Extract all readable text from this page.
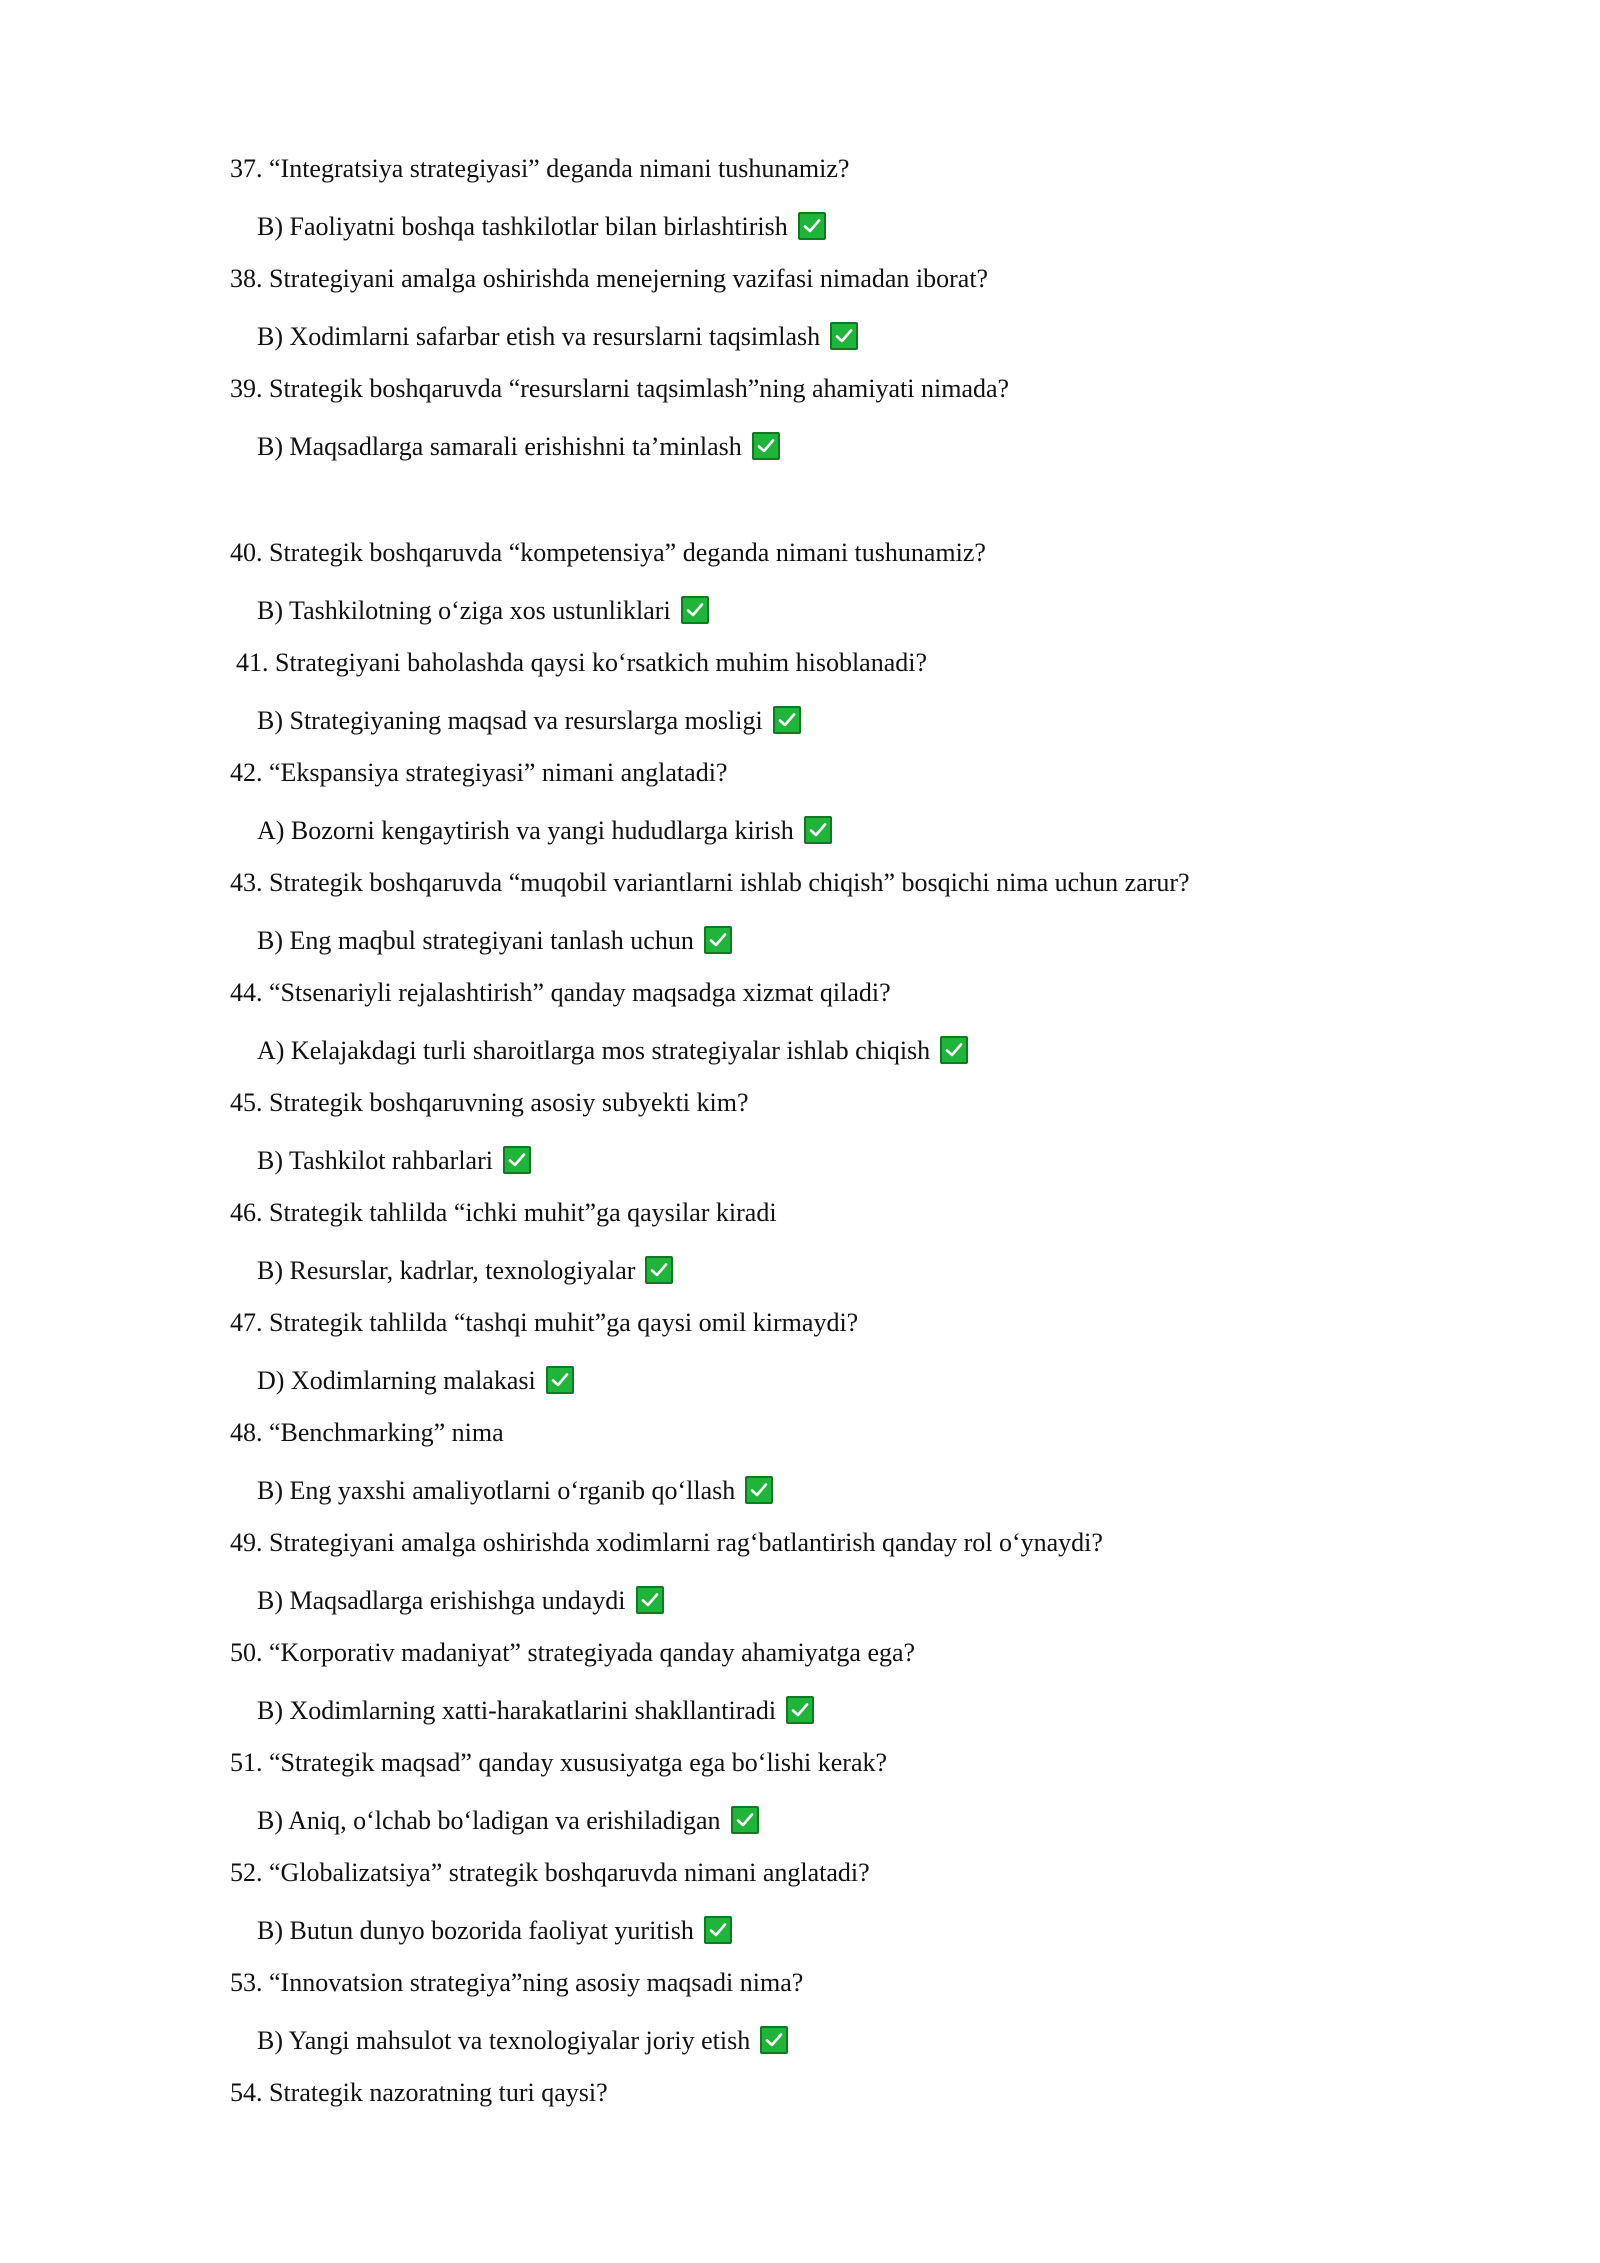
37. “Integratsiya strategiyasi” deganda nimani tushunamiz?
B) Faoliyatni boshqa tashkilotlar bilan birlashtirish
38. Strategiyani amalga oshirishda menejerning vazifasi nimadan iborat?
B) Xodimlarni safarbar etish va resurslarni taqsimlash
39. Strategik boshqaruvda “resurslarni taqsimlash”ning ahamiyati nimada?
B) Maqsadlarga samarali erishishni ta’minlash
40. Strategik boshqaruvda “kompetensiya” deganda nimani tushunamiz?
B) Tashkilotning o‘ziga xos ustunliklari
41. Strategiyani baholashda qaysi ko‘rsatkich muhim hisoblanadi?
B) Strategiyaning maqsad va resurslarga mosligi
42. “Ekspansiya strategiyasi” nimani anglatadi?
A) Bozorni kengaytirish va yangi hududlarga kirish
43. Strategik boshqaruvda “muqobil variantlarni ishlab chiqish” bosqichi nima uchun zarur?
B) Eng maqbul strategiyani tanlash uchun
44. “Stsenariyli rejalashtirish” qanday maqsadga xizmat qiladi?
A) Kelajakdagi turli sharoitlarga mos strategiyalar ishlab chiqish
45. Strategik boshqaruvning asosiy subyekti kim?
B) Tashkilot rahbarlari
46. Strategik tahlilda “ichki muhit”ga qaysilar kiradi
B) Resurslar, kadrlar, texnologiyalar
47. Strategik tahlilda “tashqi muhit”ga qaysi omil kirmaydi?
D) Xodimlarning malakasi
48. “Benchmarking” nima
B) Eng yaxshi amaliyotlarni o‘rganib qo‘llash
49. Strategiyani amalga oshirishda xodimlarni rag‘batlantirish qanday rol o‘ynaydi?
B) Maqsadlarga erishishga undaydi
50. “Korporativ madaniyat” strategiyada qanday ahamiyatga ega?
B) Xodimlarning xatti-harakatlarini shakllantiradi
51. “Strategik maqsad” qanday xususiyatga ega bo‘lishi kerak?
B) Aniq, o‘lchab bo‘ladigan va erishiladigan
52. “Globalizatsiya” strategik boshqaruvda nimani anglatadi?
B) Butun dunyo bozorida faoliyat yuritish
53. “Innovatsion strategiya”ning asosiy maqsadi nima?
B) Yangi mahsulot va texnologiyalar joriy etish
54. Strategik nazoratning turi qaysi?
